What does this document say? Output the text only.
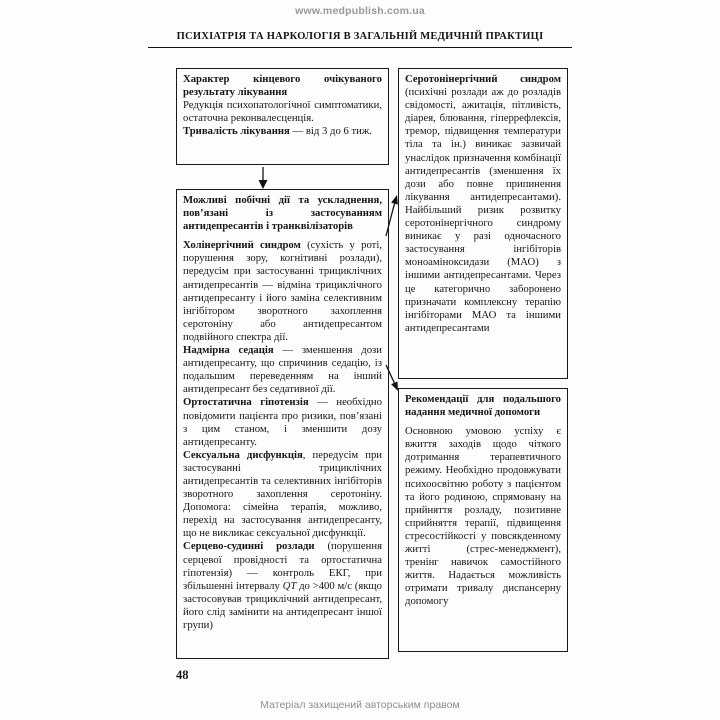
www.medpublish.com.ua
ПСИХІАТРІЯ ТА НАРКОЛОГІЯ В ЗАГАЛЬНІЙ МЕДИЧНІЙ ПРАКТИЦІ

Характер кінцевого очікуваного результату лікування

Редукція психопатологічної симптоматики, остаточна реконвалесценція.

Тривалість лікування — від 3 до 6 тиж.

Можливі побічні дії та ускладнення, пов’язані із застосуванням антидепресантів і транквілізаторів

Холінергічний синдром (сухість у роті, порушення зору, когнітивні розлади), передусім при застосуванні трициклічних антидепресантів — відміна трициклічного антидепресанту і його заміна селективним інгібітором зворотного захоплення серотоніну або антидепресантом подвійного спектра дії.

Надмірна седація — зменшення дози антидепресанту, що спричинив седацію, із подальшим переведенням на інший антидепресант без седативної дії.

Ортостатична гіпотензія — необхідно повідомити пацієнта про ризики, пов’язані з цим станом, і зменшити дозу антидепресанту.

Сексуальна дисфункція, передусім при застосуванні трициклічних антидепресантів та селективних інгібіторів зворотного захоплення серотоніну. Допомога: сімейна терапія, можливо, перехід на застосування антидепресанту, що не викликає сексуальної дисфункції.

Серцево-судинні розлади (порушення серцевої провідності та ортостатична гіпотензія) — контроль ЕКГ, при збільшенні інтервалу QT до >400 м/с (якщо застосовував трициклічний антидепресант, його слід замінити на антидепресант іншої групи)

Серотонінергічний синдром (психічні розлади аж до розладів свідомості, ажитація, пітливість, діарея, блювання, гіперрефлексія, тремор, підвищення температури тіла та ін.) виникає зазвичай унаслідок призначення комбінації антидепресантів (зменшення їх дози або повне припинення лікування антидепресантами). Найбільший ризик розвитку серотонінергічного синдрому виникає у разі одночасного застосування інгібіторів моноаміноксидази (МАО) з іншими антидепресантами. Через це категорично заборонено призначати комплексну терапію інгібіторами МАО та іншими антидепресантами

Рекомендації для подальшого надання медичної допомоги

Основною умовою успіху є вжиття заходів щодо чіткого дотримання терапевтичного режиму. Необхідно продовжувати психоосвітню роботу з пацієнтом та його родиною, спрямовану на прийняття розладу, позитивне сприйняття терапії, підвищення стресостійкості у повсякденному житті (стрес-менеджмент), тренінг навичок самостійного життя. Надається можливість отримати тривалу диспансерну допомогу

48
Матеріал захищений авторським правом
